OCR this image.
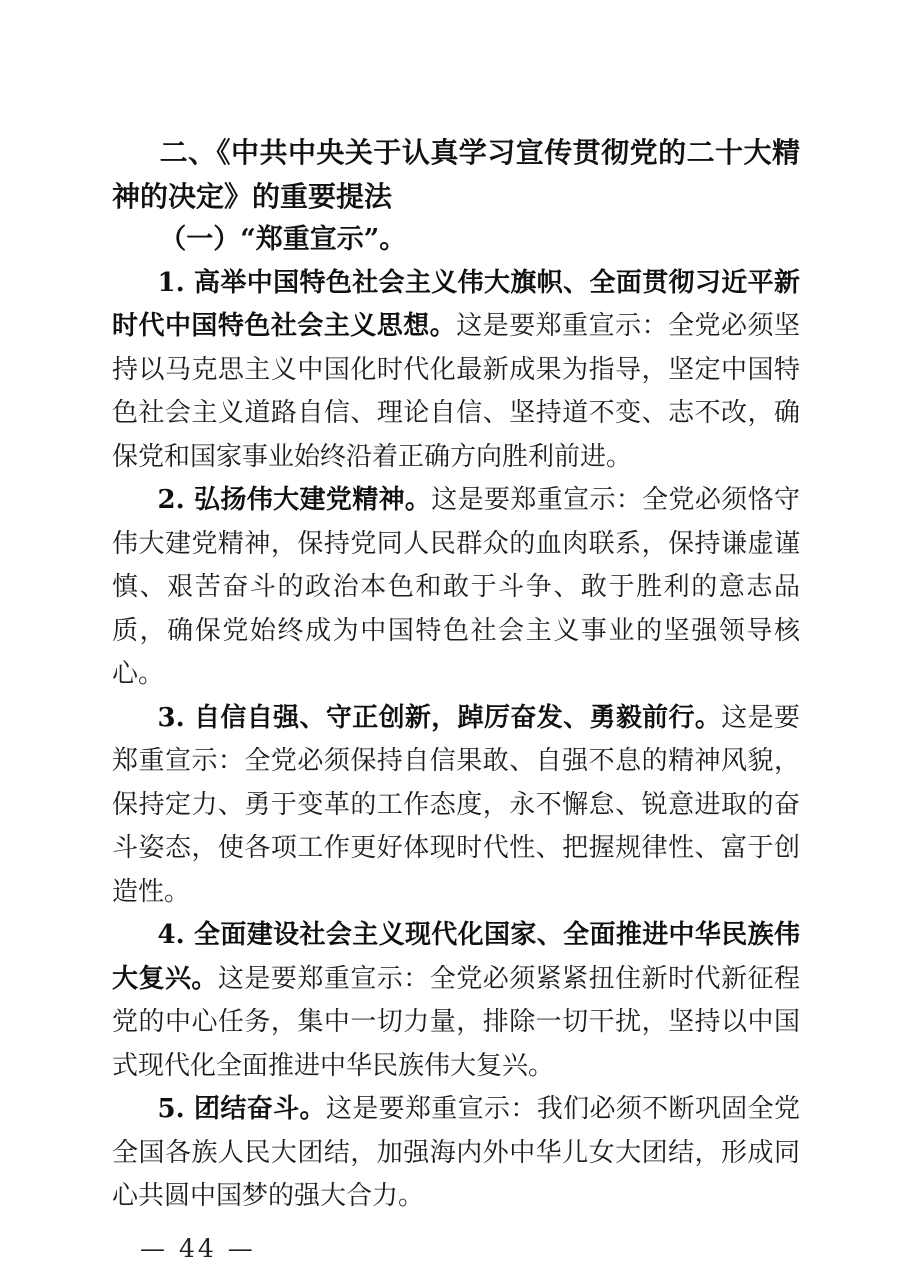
二、《中共中央关于认真学习宣传贯彻党的二十大精神的决定》的重要提法

（一）“郑重宣示”。

1. 高举中国特色社会主义伟大旗帜、全面贯彻习近平新时代中国特色社会主义思想。这是要郑重宣示：全党必须坚持以马克思主义中国化时代化最新成果为指导，坚定中国特色社会主义道路自信、理论自信、坚持道不变、志不改，确保党和国家事业始终沿着正确方向胜利前进。

2. 弘扬伟大建党精神。这是要郑重宣示：全党必须恪守伟大建党精神，保持党同人民群众的血肉联系，保持谦虚谨慎、艰苦奋斗的政治本色和敢于斗争、敢于胜利的意志品质，确保党始终成为中国特色社会主义事业的坚强领导核心。

3. 自信自强、守正创新，踔厉奋发、勇毅前行。这是要郑重宣示：全党必须保持自信果敢、自强不息的精神风貌，保持定力、勇于变革的工作态度，永不懈怠、锐意进取的奋斗姿态，使各项工作更好体现时代性、把握规律性、富于创造性。

4. 全面建设社会主义现代化国家、全面推进中华民族伟大复兴。这是要郑重宣示：全党必须紧紧扭住新时代新征程党的中心任务，集中一切力量，排除一切干扰，坚持以中国式现代化全面推进中华民族伟大复兴。

5. 团结奋斗。这是要郑重宣示：我们必须不断巩固全党全国各族人民大团结，加强海内外中华儿女大团结，形成同心共圆中国梦的强大合力。

— 44 —
